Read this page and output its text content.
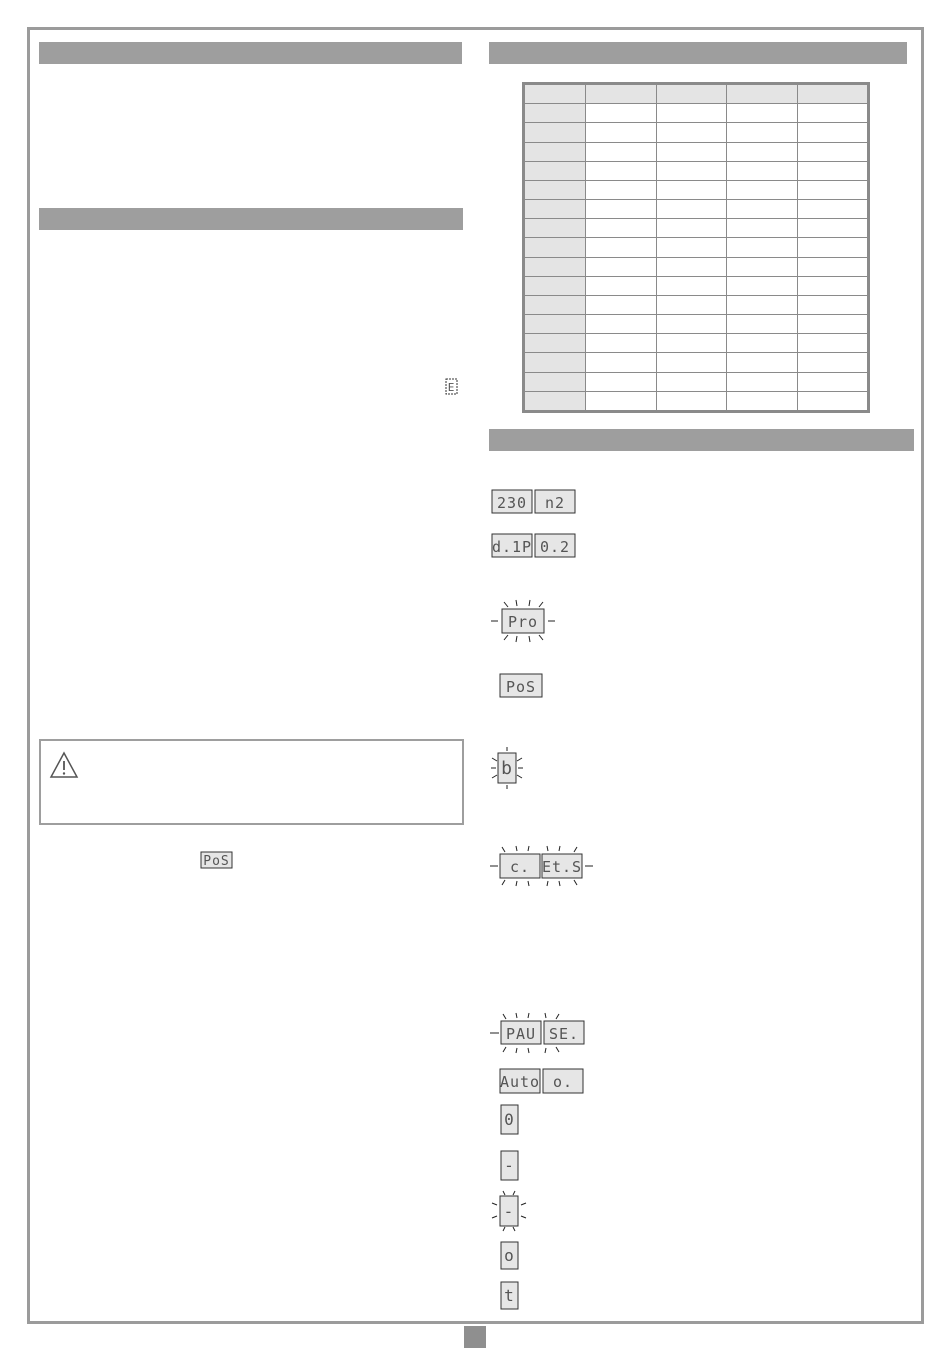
E
PoS

230 n2
d.1P 0.2
Pro
PoS
b
c. Et.S
PAU SE.
Auto o.
0
-
-
o
t
